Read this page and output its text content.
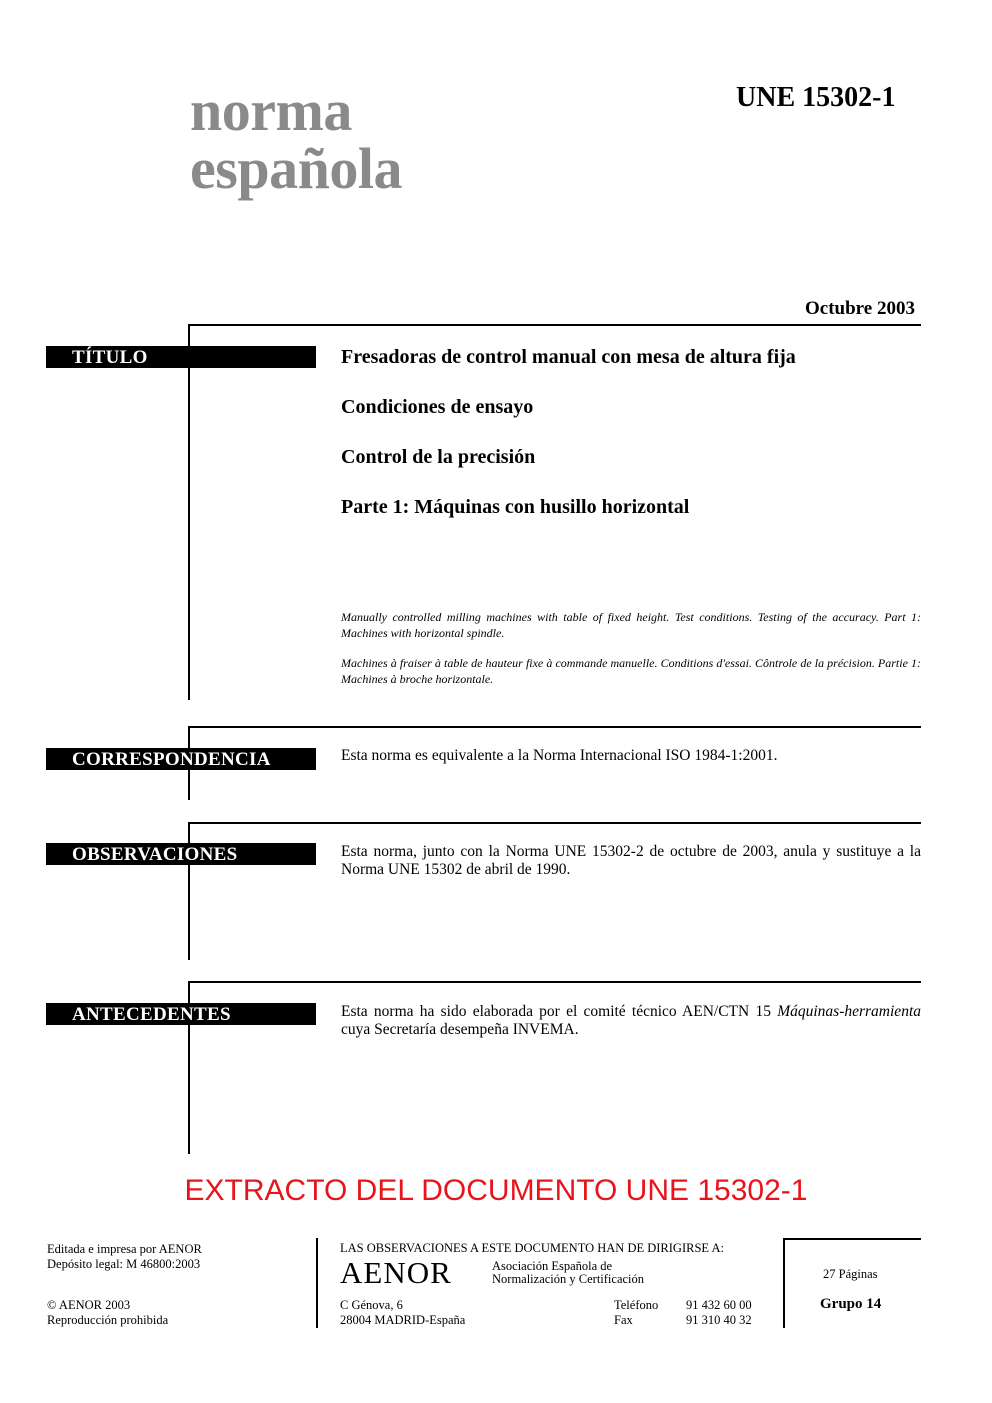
norma
española
UNE 15302-1
Octubre 2003
TÍTULO	Fresadoras de control manual con mesa de altura fija
Condiciones de ensayo
Control de la precisión
Parte 1: Máquinas con husillo horizontal
Manually controlled milling machines with table of fixed height. Test conditions. Testing of the accuracy. Part 1: Machines with horizontal spindle.
Machines à fraiser à table de hauteur fixe à commande manuelle. Conditions d'essai. Côntrole de la précision. Partie 1: Machines à broche horizontale.
CORRESPONDENCIA	Esta norma es equivalente a la Norma Internacional ISO 1984-1:2001.
OBSERVACIONES	Esta norma, junto con la Norma UNE 15302-2 de octubre de 2003, anula y sustituye a la Norma UNE 15302 de abril de 1990.
ANTECEDENTES	Esta norma ha sido elaborada por el comité técnico AEN/CTN 15 Máquinas-herramienta cuya Secretaría desempeña INVEMA.
EXTRACTO DEL DOCUMENTO UNE 15302-1
Editada e impresa por AENOR
Depósito legal: M 46800:2003
© AENOR 2003
Reproducción prohibida
LAS OBSERVACIONES A ESTE DOCUMENTO HAN DE DIRIGIRSE A:
AENOR	Asociación Española de
Normalización y Certificación
C Génova, 6
28004 MADRID-España
Teléfono 91 432 60 00
Fax	91 310 40 32
27 Páginas
Grupo 14
